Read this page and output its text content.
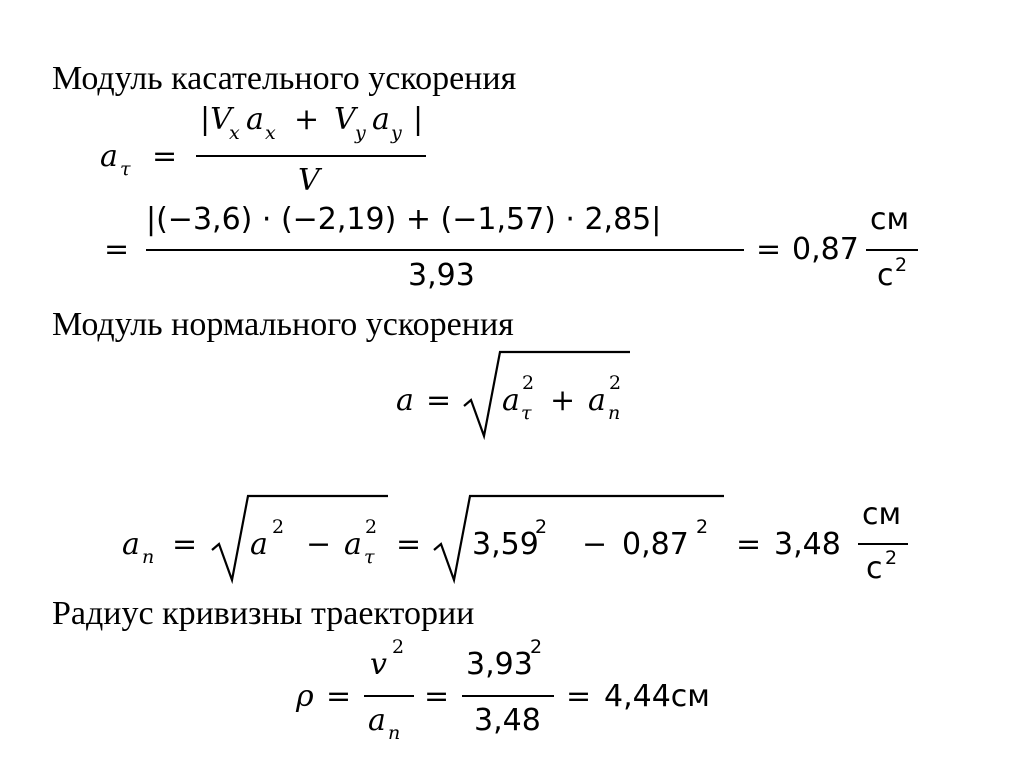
Модуль касательного ускорения
Модуль нормального ускорения
Радиус кривизны траектории
a τ =
|V
x a x + V y a y |
V
=
|(−3,6) · (−2,19) + (−1,57) · 2,85|
3,93
= 0,87
см
с 2
a = a 2
τ + a 2
n
a n = a 2 − a 2
τ = 3,59
2 − 0,87 2 = 3,48
см
с 2
ρ =
v 2
a n
=
3,93
2
3,48
= 4,44см
